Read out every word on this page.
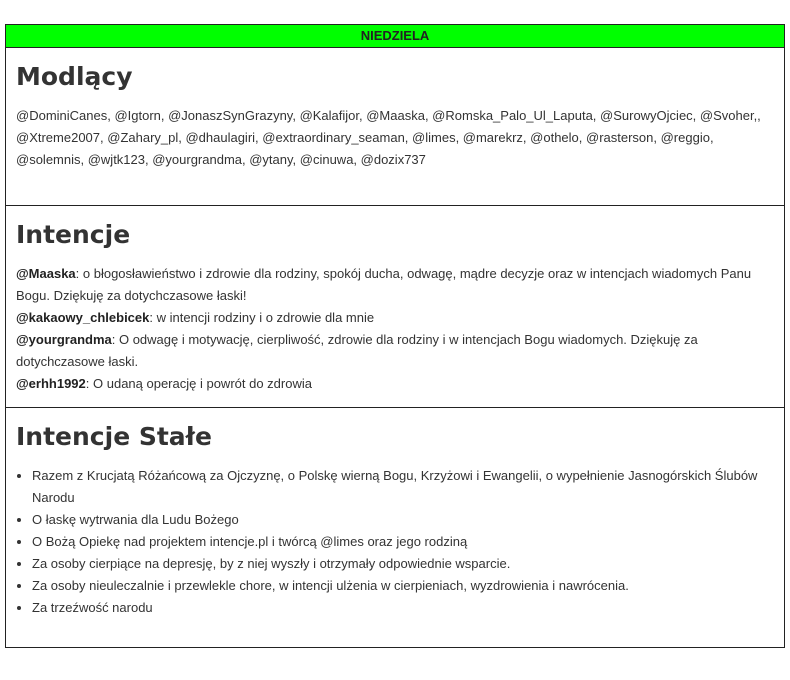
NIEDZIELA
Modlący

@DominiCanes, @Igtorn, @JonaszSynGrazyny, @Kalafijor, @Maaska, @Romska_Palo_Ul_Laputa, @SurowyOjciec, @Svoher,, @Xtreme2007, @Zahary_pl, @dhaulagiri, @extraordinary_seaman, @limes, @marekrz, @othelo, @rasterson, @reggio, @solemnis, @wjtk123, @yourgrandma, @ytany, @cinuwa, @dozix737

Intencje
@Maaska: o błogosławieństwo i zdrowie dla rodziny, spokój ducha, odwagę, mądre decyzje oraz w intencjach wiadomych Panu Bogu. Dziękuję za dotychczasowe łaski!
@kakaowy_chlebicek: w intencji rodziny i o zdrowie dla mnie
@yourgrandma: O odwagę i motywację, cierpliwość, zdrowie dla rodziny i w intencjach Bogu wiadomych. Dziękuję za dotychczasowe łaski.
@erhh1992: O udaną operację i powrót do zdrowia
Intencje Stałe
• Razem z Krucjatą Różańcową za Ojczyznę, o Polskę wierną Bogu, Krzyżowi i Ewangelii, o wypełnienie Jasnogórskich Ślubów Narodu
• O łaskę wytrwania dla Ludu Bożego
• O Bożą Opiekę nad projektem intencje.pl i twórcą @limes oraz jego rodziną
• Za osoby cierpiące na depresję, by z niej wyszły i otrzymały odpowiednie wsparcie.
• Za osoby nieuleczalnie i przewlekle chore, w intencji ulżenia w cierpieniach, wyzdrowienia i nawrócenia.
• Za trzeźwość narodu
